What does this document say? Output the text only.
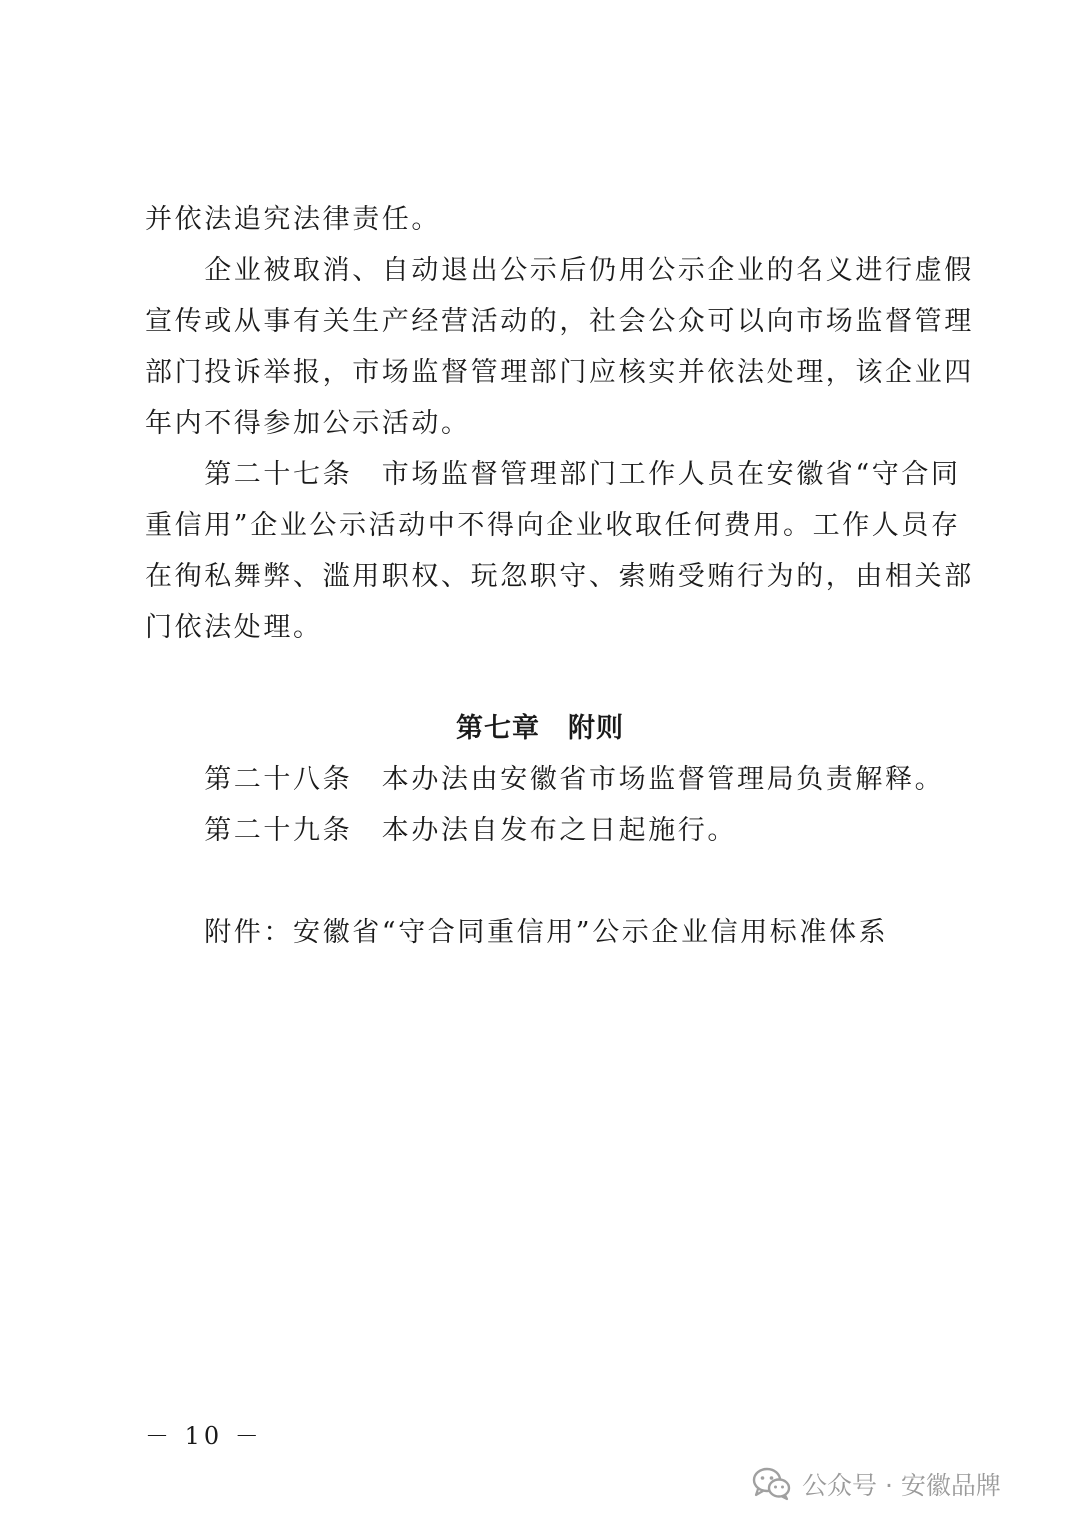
并依法追究法律责任。
　　企业被取消、自动退出公示后仍用公示企业的名义进行虚假
宣传或从事有关生产经营活动的，社会公众可以向市场监督管理
部门投诉举报，市场监督管理部门应核实并依法处理，该企业四
年内不得参加公示活动。
　　第二十七条　市场监督管理部门工作人员在安徽省“守合同
重信用”企业公示活动中不得向企业收取任何费用。工作人员存
在徇私舞弊、滥用职权、玩忽职守、索贿受贿行为的，由相关部
门依法处理。
第七章　附则
　　第二十八条　本办法由安徽省市场监督管理局负责解释。
　　第二十九条　本办法自发布之日起施行。
　　附件：安徽省“守合同重信用”公示企业信用标准体系
－ 10 －
公众号 · 安徽品牌
